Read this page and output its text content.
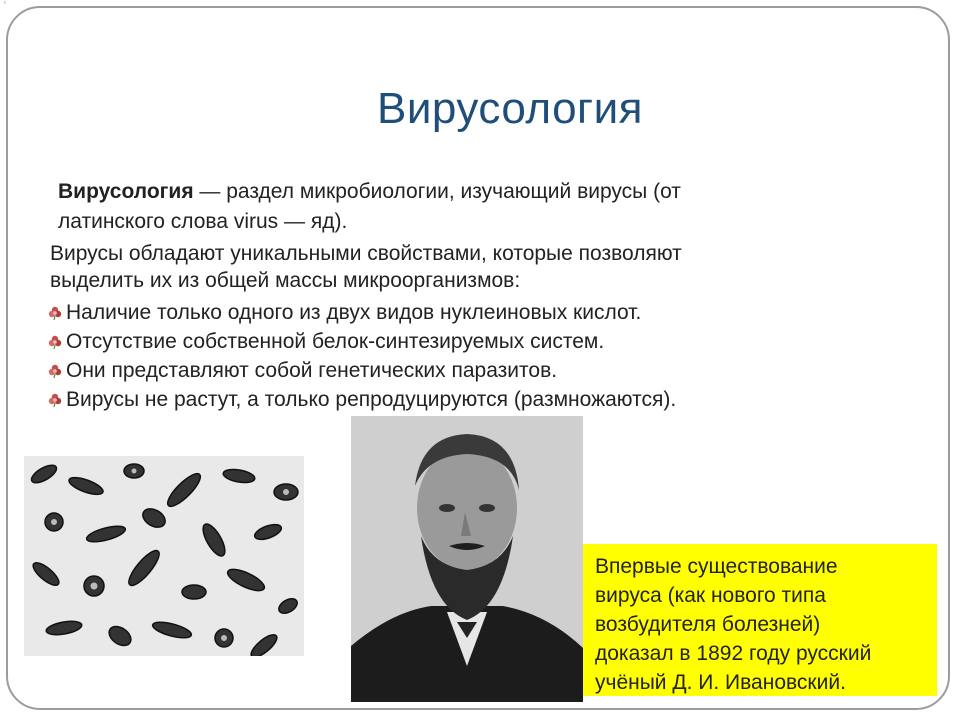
'
Вирусология
Вирусология — раздел микробиологии, изучающий вирусы (от
латинского слова virus — яд).
Вирусы обладают уникальными свойствами, которые позволяют
выделить их из общей массы микроорганизмов:
Наличие только одного из двух видов нуклеиновых кислот.
Отсутствие собственной белок-синтезируемых систем.
Они представляют собой генетических паразитов.
Вирусы не растут, а только репродуцируются (размножаются).
Впервые существование
вируса (как нового типа
возбудителя болезней)
доказал в 1892 году русский
учёный Д. И. Ивановский.
